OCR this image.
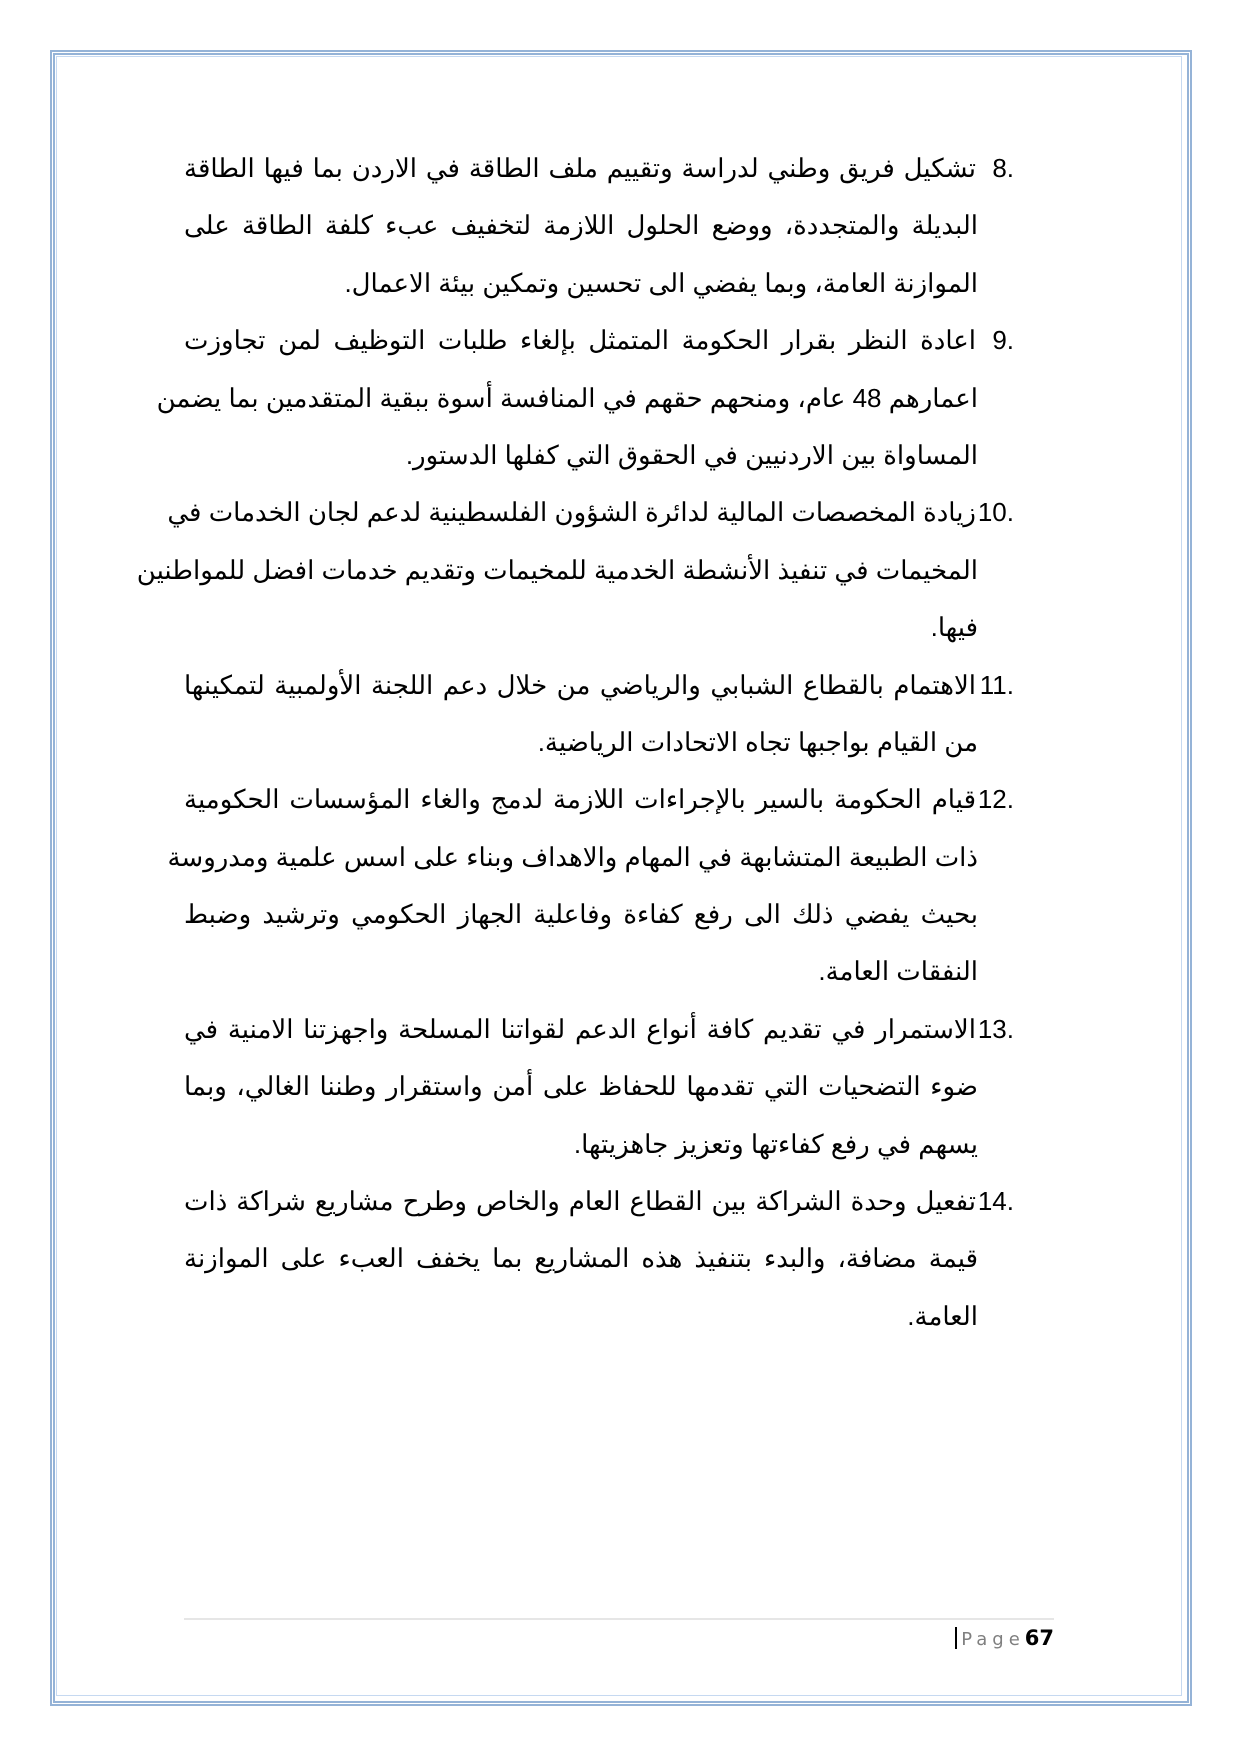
8.
تشكيل فريق وطني لدراسة وتقييم ملف الطاقة في الاردن بما فيها الطاقة
البديلة والمتجددة، ووضع الحلول اللازمة لتخفيف عبء كلفة الطاقة على
الموازنة العامة، وبما يفضي الى تحسين وتمكين بيئة الاعمال.
9.
اعادة النظر بقرار الحكومة المتمثل بإلغاء طلبات التوظيف لمن تجاوزت
اعمارهم 48 عام، ومنحهم حقهم في المنافسة أسوة ببقية المتقدمين بما يضمن
المساواة بين الاردنيين في الحقوق التي كفلها الدستور.
10.
زيادة المخصصات المالية لدائرة الشؤون الفلسطينية لدعم لجان الخدمات في
المخيمات في تنفيذ الأنشطة الخدمية للمخيمات وتقديم خدمات افضل للمواطنين
فيها.
11.
الاهتمام بالقطاع الشبابي والرياضي من خلال دعم اللجنة الأولمبية لتمكينها
من القيام بواجبها تجاه الاتحادات الرياضية.
12.
قيام الحكومة بالسير بالإجراءات اللازمة لدمج والغاء المؤسسات الحكومية
ذات الطبيعة المتشابهة في المهام والاهداف وبناء على اسس علمية ومدروسة
بحيث يفضي ذلك الى رفع كفاءة وفاعلية الجهاز الحكومي وترشيد وضبط
النفقات العامة.
13.
الاستمرار في تقديم كافة أنواع الدعم لقواتنا المسلحة واجهزتنا الامنية في
ضوء التضحيات التي تقدمها للحفاظ على أمن واستقرار وطننا الغالي، وبما
يسهم في رفع كفاءتها وتعزيز جاهزيتها.
14.
تفعيل وحدة الشراكة بين القطاع العام والخاص وطرح مشاريع شراكة ذات
قيمة مضافة، والبدء بتنفيذ هذه المشاريع بما يخفف العبء على الموازنة
العامة.
Page67
